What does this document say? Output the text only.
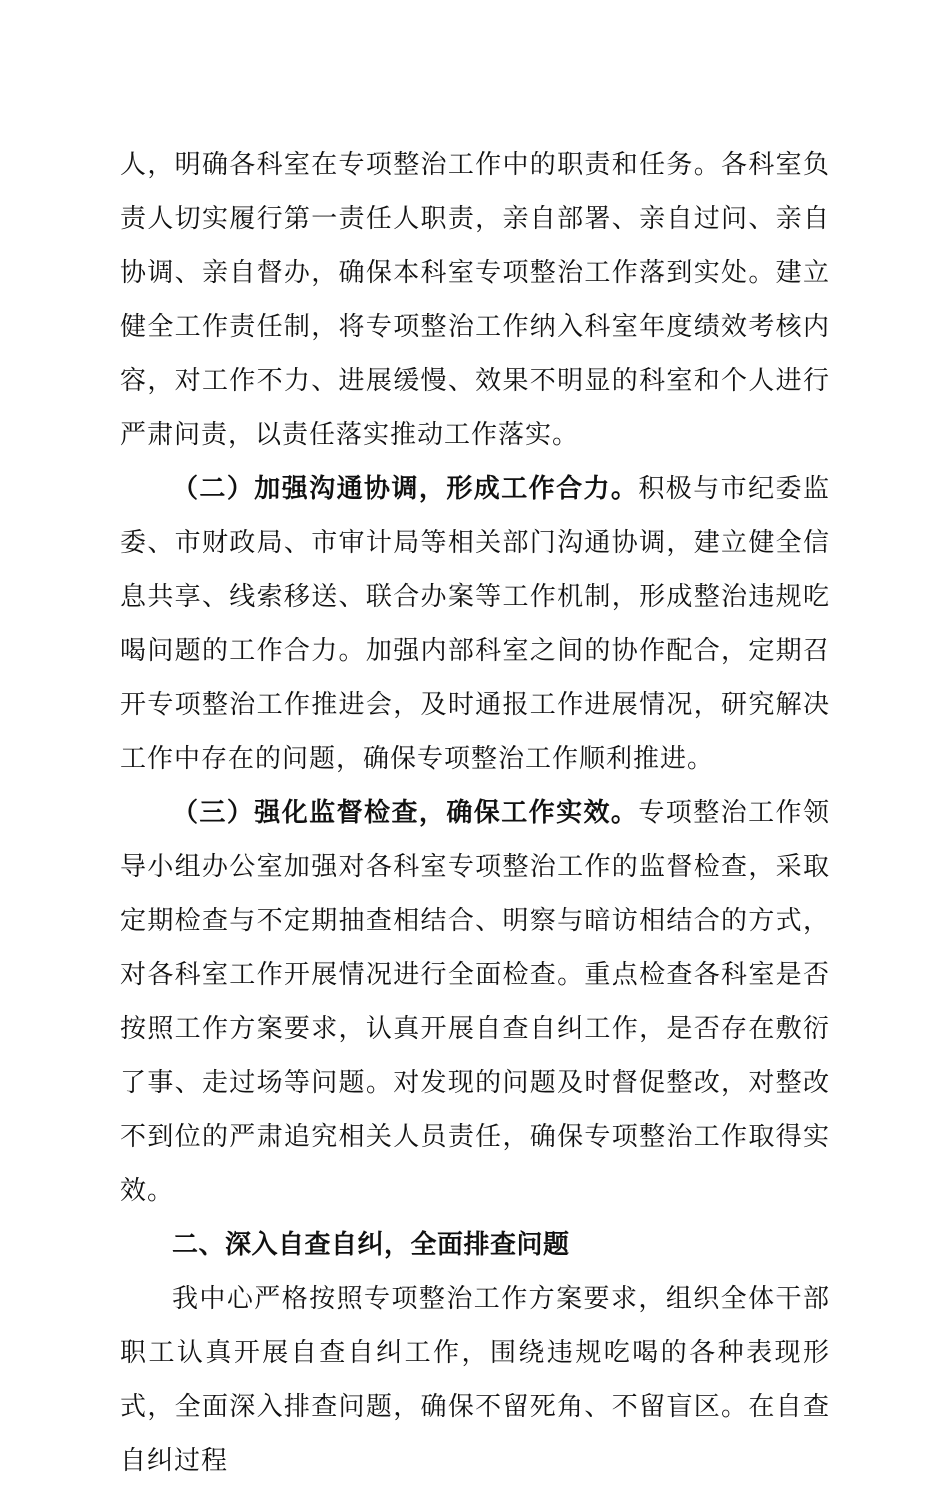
人，明确各科室在专项整治工作中的职责和任务。各科室负责人切实履行第一责任人职责，亲自部署、亲自过问、亲自协调、亲自督办，确保本科室专项整治工作落到实处。建立健全工作责任制，将专项整治工作纳入科室年度绩效考核内容，对工作不力、进展缓慢、效果不明显的科室和个人进行严肃问责，以责任落实推动工作落实。

（二）加强沟通协调，形成工作合力。积极与市纪委监委、市财政局、市审计局等相关部门沟通协调，建立健全信息共享、线索移送、联合办案等工作机制，形成整治违规吃喝问题的工作合力。加强内部科室之间的协作配合，定期召开专项整治工作推进会，及时通报工作进展情况，研究解决工作中存在的问题，确保专项整治工作顺利推进。

（三）强化监督检查，确保工作实效。专项整治工作领导小组办公室加强对各科室专项整治工作的监督检查，采取定期检查与不定期抽查相结合、明察与暗访相结合的方式，对各科室工作开展情况进行全面检查。重点检查各科室是否按照工作方案要求，认真开展自查自纠工作，是否存在敷衍了事、走过场等问题。对发现的问题及时督促整改，对整改不到位的严肃追究相关人员责任，确保专项整治工作取得实效。

二、深入自查自纠，全面排查问题

我中心严格按照专项整治工作方案要求，组织全体干部职工认真开展自查自纠工作，围绕违规吃喝的各种表现形式，全面深入排查问题，确保不留死角、不留盲区。在自查自纠过程
